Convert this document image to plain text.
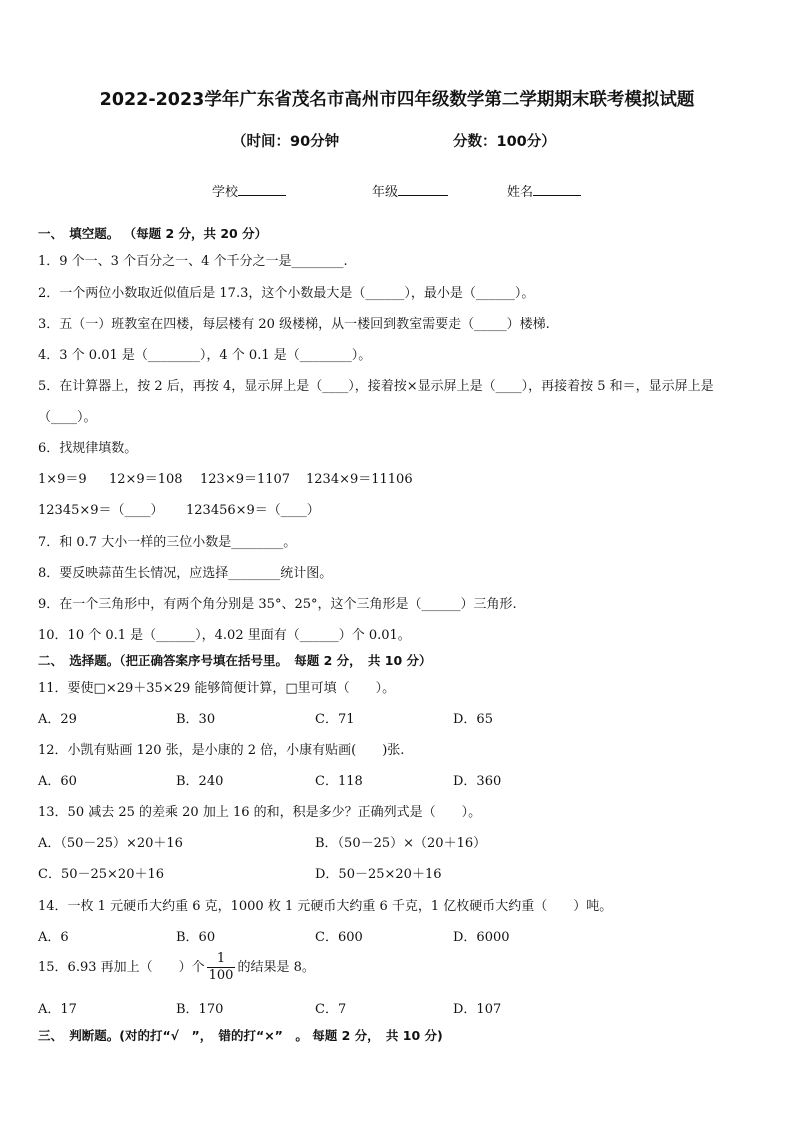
2022-2023学年广东省茂名市高州市四年级数学第二学期期末联考模拟试题
（时间：90分钟	分数：100分）
学校	年级	姓名
一、　填空题。 （每题 2 分，共 20 分）
1．9 个一、3 个百分之一、4 个千分之一是________.
2．一个两位小数取近似值后是 17.3，这个小数最大是（______），最小是（______）。
3．五（一）班教室在四楼，每层楼有 20 级楼梯，从一楼回到教室需要走（_____）楼梯.
4．3 个 0.01 是（________），4 个 0.1 是（________）。
5．在计算器上，按 2 后，再按 4，显示屏上是（____），接着按×显示屏上是（____），再接着按 5 和＝，显示屏上是
（____）。
6．找规律填数。
1×9＝9 12×9＝108 123×9＝1107 1234×9＝11106
12345×9＝（____） 123456×9＝（____）
7．和 0.7 大小一样的三位小数是________。
8．要反映蒜苗生长情况，应选择________统计图。
9．在一个三角形中，有两个角分别是 35°、25°，这个三角形是（______）三角形.
10．10 个 0.1 是（______），4.02 里面有（______）个 0.01。
二、　选择题。（把正确答案序号填在括号里。　每题 2 分，　共 10 分）
11．要使□×29＋35×29 能够简便计算，□里可填（　　）。
A．29	B．30	C．71	D．65
12．小凯有贴画 120 张，是小康的 2 倍，小康有贴画(　　)张.
A．60	B．240	C．118	D．360
13．50 减去 25 的差乘 20 加上 16 的和，积是多少？正确列式是（　　）。
A．（50－25）×20＋16	B．（50－25）×（20＋16）
C．50－25×20＋16	D．50－25×20＋16
14．一枚 1 元硬币大约重 6 克，1000 枚 1 元硬币大约重 6 千克，1 亿枚硬币大约重（　　）吨。
A．6	B．60	C．600	D．6000
15．6.93 再加上（　　）个 $\frac{1}{100}$ 的结果是 8。
A．17	B．170	C．7	D．107
三、　判断题。(对的打“√　”，　错的打“×”　。 每题 2 分，　共 10 分)
